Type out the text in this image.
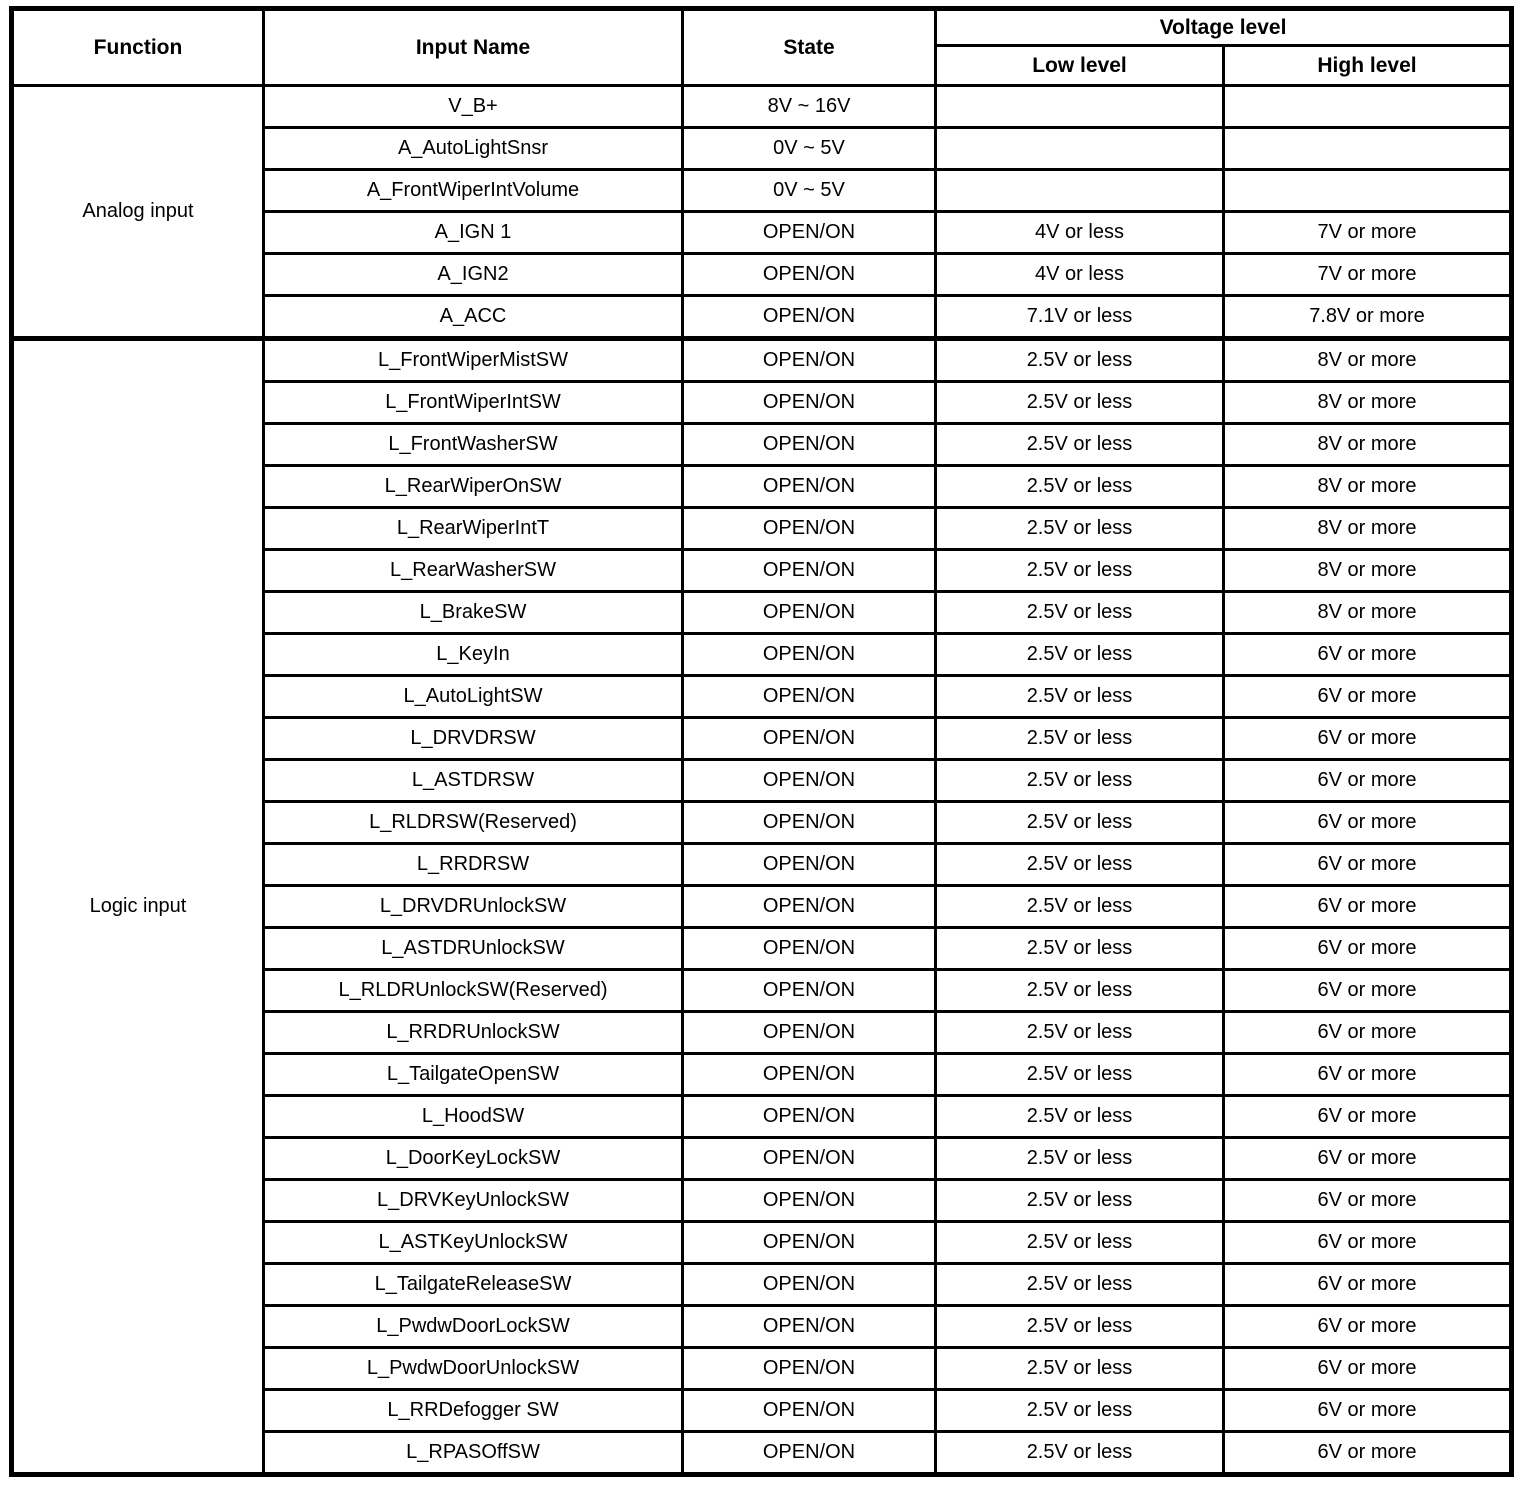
Function	Input Name	State	Voltage level	
			Low level	High level
Analog input	V_B+	8V ~ 16V		
	A_AutoLightSnsr	0V ~ 5V		
	A_FrontWiperIntVolume	0V ~ 5V		
	A_IGN 1	OPEN/ON	4V or less	7V or more
	A_IGN2	OPEN/ON	4V or less	7V or more
	A_ACC	OPEN/ON	7.1V or less	7.8V or more
Logic input	L_FrontWiperMistSW	OPEN/ON	2.5V or less	8V or more
	L_FrontWiperIntSW	OPEN/ON	2.5V or less	8V or more
	L_FrontWasherSW	OPEN/ON	2.5V or less	8V or more
	L_RearWiperOnSW	OPEN/ON	2.5V or less	8V or more
	L_RearWiperIntT	OPEN/ON	2.5V or less	8V or more
	L_RearWasherSW	OPEN/ON	2.5V or less	8V or more
	L_BrakeSW	OPEN/ON	2.5V or less	8V or more
	L_KeyIn	OPEN/ON	2.5V or less	6V or more
	L_AutoLightSW	OPEN/ON	2.5V or less	6V or more
	L_DRVDRSW	OPEN/ON	2.5V or less	6V or more
	L_ASTDRSW	OPEN/ON	2.5V or less	6V or more
	L_RLDRSW(Reserved)	OPEN/ON	2.5V or less	6V or more
	L_RRDRSW	OPEN/ON	2.5V or less	6V or more
	L_DRVDRUnlockSW	OPEN/ON	2.5V or less	6V or more
	L_ASTDRUnlockSW	OPEN/ON	2.5V or less	6V or more
	L_RLDRUnlockSW(Reserved)	OPEN/ON	2.5V or less	6V or more
	L_RRDRUnlockSW	OPEN/ON	2.5V or less	6V or more
	L_TailgateOpenSW	OPEN/ON	2.5V or less	6V or more
	L_HoodSW	OPEN/ON	2.5V or less	6V or more
	L_DoorKeyLockSW	OPEN/ON	2.5V or less	6V or more
	L_DRVKeyUnlockSW	OPEN/ON	2.5V or less	6V or more
	L_ASTKeyUnlockSW	OPEN/ON	2.5V or less	6V or more
	L_TailgateReleaseSW	OPEN/ON	2.5V or less	6V or more
	L_PwdwDoorLockSW	OPEN/ON	2.5V or less	6V or more
	L_PwdwDoorUnlockSW	OPEN/ON	2.5V or less	6V or more
	L_RRDefogger SW	OPEN/ON	2.5V or less	6V or more
	L_RPASOffSW	OPEN/ON	2.5V or less	6V or more
